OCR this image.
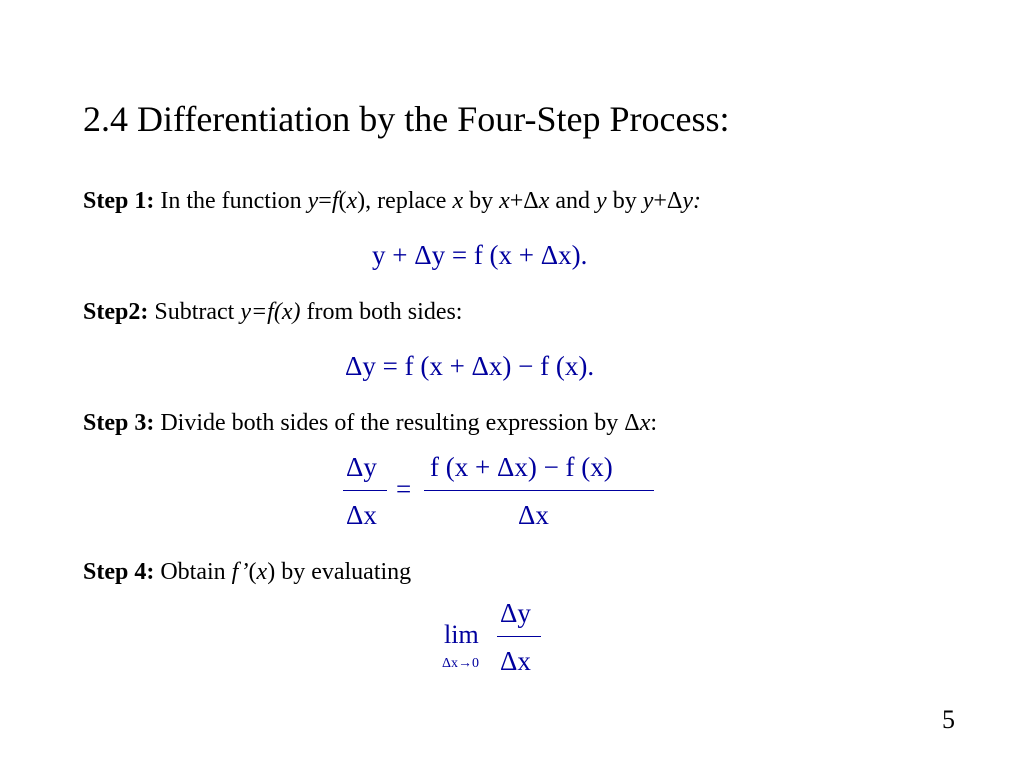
2.4 Differentiation by the Four-Step Process:
Step 1: In the function y=f(x), replace x by x+Δx and y by y+Δy:
y + Δy = f (x + Δx).
Step2: Subtract y=f(x) from both sides:
Δy = f (x + Δx) − f (x).
Step 3: Divide both sides of the resulting expression by Δx:
Δy
Δx
=
f (x + Δx) − f (x)
Δx
Step 4: Obtain f’(x) by evaluating
lim
Δx→0
Δy
Δx
5
